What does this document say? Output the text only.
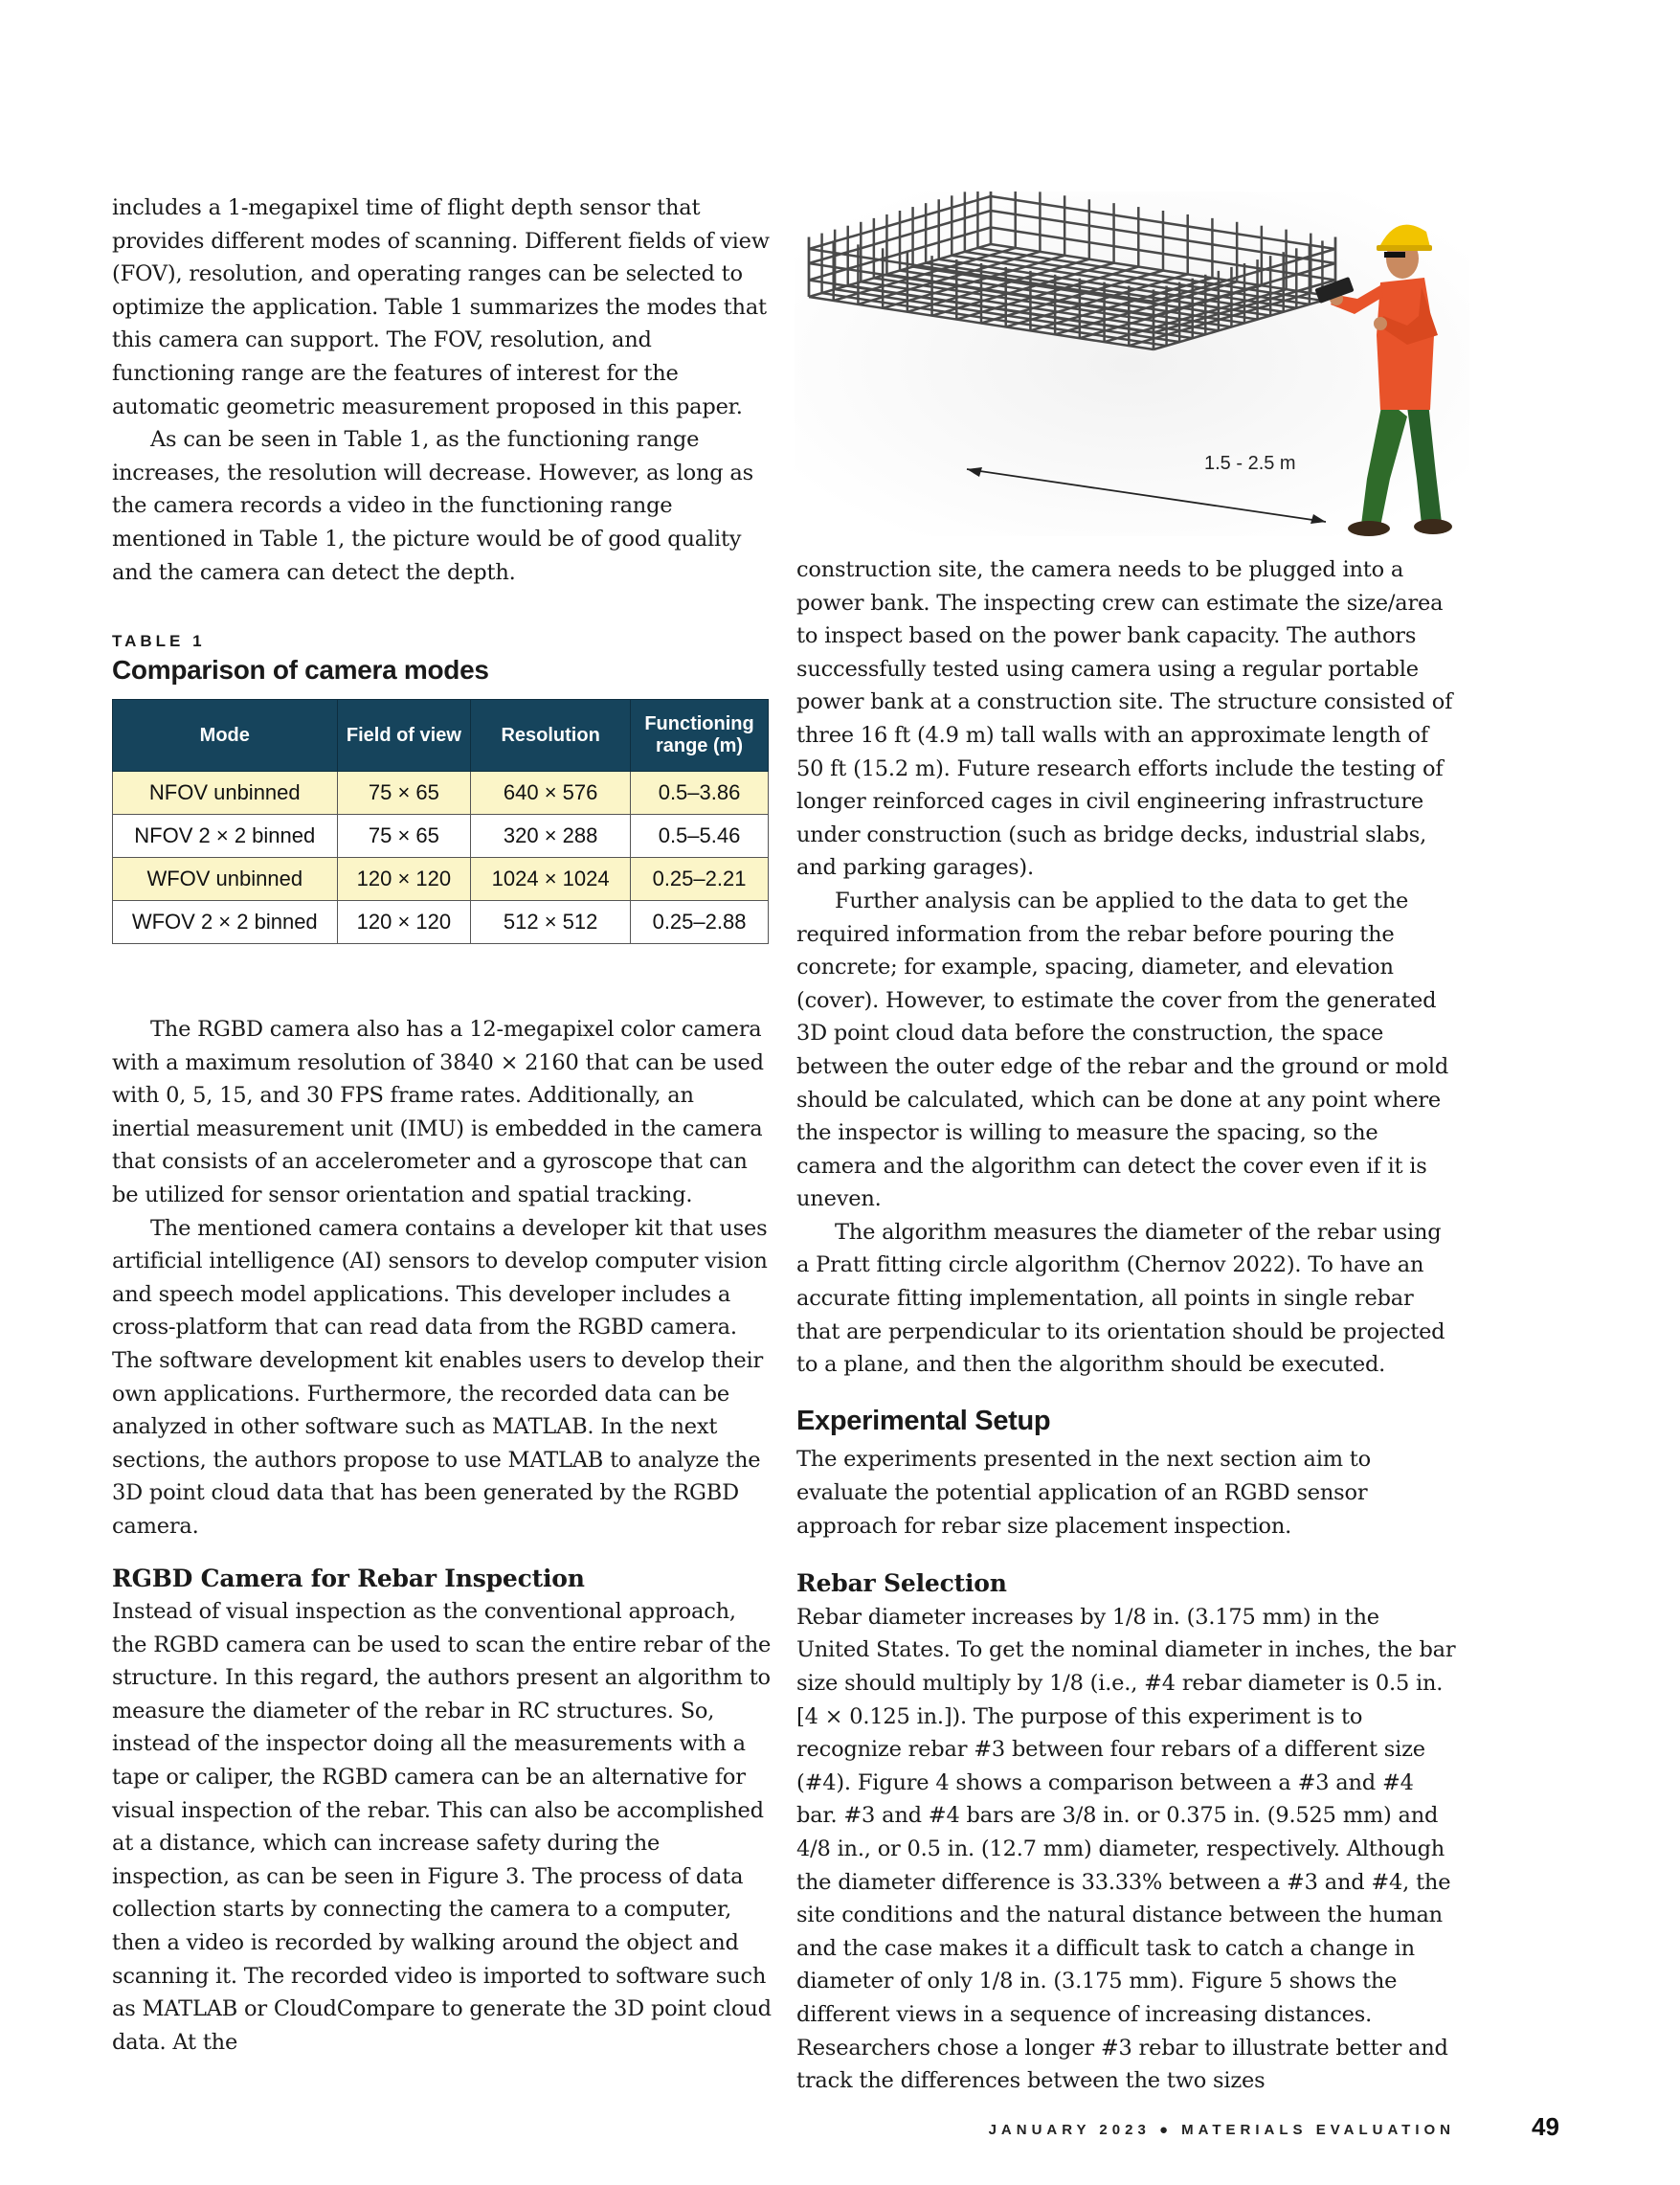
includes a 1-megapixel time of flight depth sensor that provides different modes of scanning. Different fields of view (FOV), resolution, and operating ranges can be selected to optimize the application. Table 1 summarizes the modes that this camera can support. The FOV, resolution, and functioning range are the features of interest for the automatic geometric measurement proposed in this paper.

As can be seen in Table 1, as the functioning range increases, the resolution will decrease. However, as long as the camera records a video in the functioning range mentioned in Table 1, the picture would be of good quality and the camera can detect the depth.

TABLE 1

Comparison of camera modes

Mode	Field of view	Resolution	Functioning range (m)
NFOV unbinned	75 × 65	640 × 576	0.5–3.86
NFOV 2 × 2 binned	75 × 65	320 × 288	0.5–5.46
WFOV unbinned	120 × 120	1024 × 1024	0.25–2.21
WFOV 2 × 2 binned	120 × 120	512 × 512	0.25–2.88

The RGBD camera also has a 12-megapixel color camera with a maximum resolution of 3840 × 2160 that can be used with 0, 5, 15, and 30 FPS frame rates. Additionally, an inertial measurement unit (IMU) is embedded in the camera that consists of an accelerometer and a gyroscope that can be utilized for sensor orientation and spatial tracking.

The mentioned camera contains a developer kit that uses artificial intelligence (AI) sensors to develop computer vision and speech model applications. This developer includes a cross-platform that can read data from the RGBD camera. The software development kit enables users to develop their own applications. Furthermore, the recorded data can be analyzed in other software such as MATLAB. In the next sections, the authors propose to use MATLAB to analyze the 3D point cloud data that has been generated by the RGBD camera.

RGBD Camera for Rebar Inspection

Instead of visual inspection as the conventional approach, the RGBD camera can be used to scan the entire rebar of the structure. In this regard, the authors present an algorithm to measure the diameter of the rebar in RC structures. So, instead of the inspector doing all the measurements with a tape or caliper, the RGBD camera can be an alternative for visual inspection of the rebar. This can also be accomplished at a distance, which can increase safety during the inspection, as can be seen in Figure 3. The process of data collection starts by connecting the camera to a computer, then a video is recorded by walking around the object and scanning it. The recorded video is imported to software such as MATLAB or CloudCompare to generate the 3D point cloud data. At the

1.5 - 2.5 m

construction site, the camera needs to be plugged into a power bank. The inspecting crew can estimate the size/area to inspect based on the power bank capacity. The authors successfully tested using camera using a regular portable power bank at a construction site. The structure consisted of three 16 ft (4.9 m) tall walls with an approximate length of 50 ft (15.2 m). Future research efforts include the testing of longer reinforced cages in civil engineering infrastructure under construction (such as bridge decks, industrial slabs, and parking garages).

Further analysis can be applied to the data to get the required information from the rebar before pouring the concrete; for example, spacing, diameter, and elevation (cover). However, to estimate the cover from the generated 3D point cloud data before the construction, the space between the outer edge of the rebar and the ground or mold should be calculated, which can be done at any point where the inspector is willing to measure the spacing, so the camera and the algorithm can detect the cover even if it is uneven.

The algorithm measures the diameter of the rebar using a Pratt fitting circle algorithm (Chernov 2022). To have an accurate fitting implementation, all points in single rebar that are perpendicular to its orientation should be projected to a plane, and then the algorithm should be executed.

Experimental Setup

The experiments presented in the next section aim to evaluate the potential application of an RGBD sensor approach for rebar size placement inspection.

Rebar Selection

Rebar diameter increases by 1/8 in. (3.175 mm) in the United States. To get the nominal diameter in inches, the bar size should multiply by 1/8 (i.e., #4 rebar diameter is 0.5 in. [4 × 0.125 in.]). The purpose of this experiment is to recognize rebar #3 between four rebars of a different size (#4). Figure 4 shows a comparison between a #3 and #4 bar. #3 and #4 bars are 3/8 in. or 0.375 in. (9.525 mm) and 4/8 in., or 0.5 in. (12.7 mm) diameter, respectively. Although the diameter difference is 33.33% between a #3 and #4, the site conditions and the natural distance between the human and the case makes it a difficult task to catch a change in diameter of only 1/8 in. (3.175 mm). Figure 5 shows the different views in a sequence of increasing distances. Researchers chose a longer #3 rebar to illustrate better and track the differences between the two sizes

JANUARY 2023 ● MATERIALS EVALUATION	49
